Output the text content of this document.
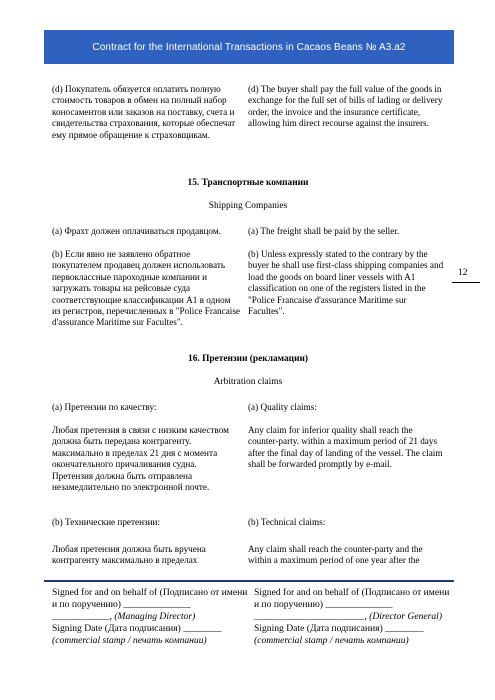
Contract for the International Transactions in Cacaos Beans № A3.a2
(d) Покупатель обязуется оплатить полную стоимость товаров в обмен на полный набор коносаментов или заказов на поставку, счета и свидетельства страхования, которые обеспечат ему прямое обращение к страховщикам.
(d) The buyer shall pay the full value of the goods in exchange for the full set of bills of lading or delivery order, the invoice and the insurance certificate, allowing him direct recourse against the insurers.
15. Транспортные компании
Shipping Companies
(а) Фрахт должен оплачиваться продавцом.	(a) The freight shall be paid by the seller.
(b) Если явно не заявлено обратное покупателем продавец должен использовать первоклассные пароходные компании и загружать товары на рейсовые суда соответствующие классификации А1 в одном из регистров, перечисленных в "Police Francaise d'assurance Maritime sur Facultes".
(b) Unless expressly stated to the contrary by the buyer he shall use first-class shipping companies and load the goods on board liner vessels with A1 classification on one of the registers listed in the "Police Francaise d'assurance Maritime sur Facultes".
12
16. Претензии (рекламации)
Arbitration claims
(а) Претензии по качеству:	(a) Quality claims:
Любая претензия в связи с низким качеством должна быть передана контрагенту. максимально в пределах 21 дня с момента окончательного причаливания судна. Претензия должна быть отправлена незамедлительно по электронной почте.
Any claim for inferior quality shall reach the counter-party. within a maximum period of 21 days after the final day of landing of the vessel. The claim shall be forwarded promptly by e-mail.
(b) Технические претензии:	(b) Technical claims:
Любая претензия должна быть вручена контрагенту максимально в пределах
Any claim shall reach the counter-party and the within a maximum period of one year after the
Signed for and on behalf of (Подписано от имени и по поручению) ______________
____________, (Managing Director)
Signing Date (Дата подписания) ________
(commercial stamp / печать компании)
Signed for and on behalf of (Подписано от имени и по поручению) ______________
_______________________, (Director General)
Signing Date (Дата подписания) ________
(commercial stamp / печать компании)
